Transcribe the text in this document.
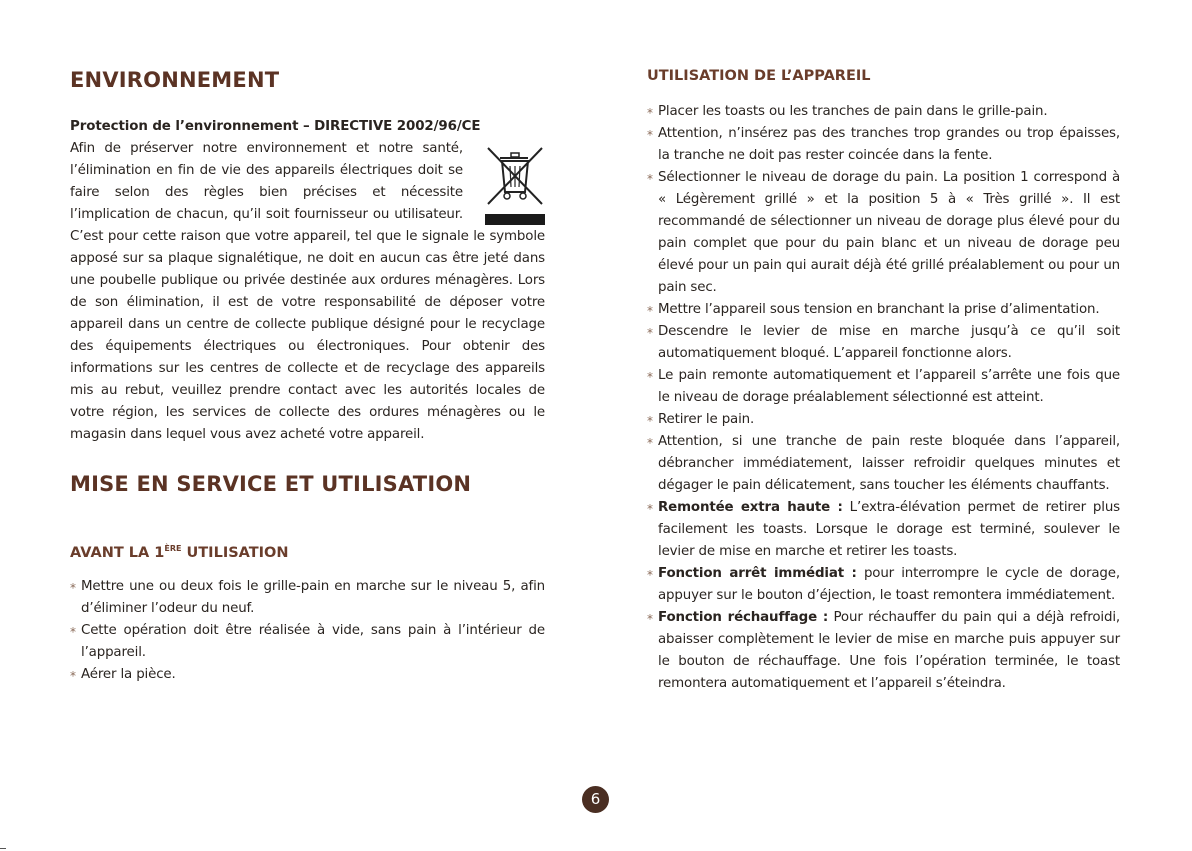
ENVIRONNEMENT
Protection de l’environnement – DIRECTIVE 2002/96/CE

Afin de préserver notre environnement et notre santé, l’élimination en fin de vie des appareils électriques doit se faire selon des règles bien précises et nécessite l’implication de chacun, qu’il soit fournisseur ou utilisateur. C’est pour cette raison que votre appareil, tel que le signale le symbole apposé sur sa plaque signalétique, ne doit en aucun cas être jeté dans une poubelle publique ou privée destinée aux ordures ménagères. Lors de son élimination, il est de votre responsabilité de déposer votre appareil dans un centre de collecte publique désigné pour le recyclage des équipements électriques ou électroniques. Pour obtenir des informations sur les centres de collecte et de recyclage des appareils mis au rebut, veuillez prendre contact avec les autorités locales de votre région, les services de collecte des ordures ménagères ou le magasin dans lequel vous avez acheté votre appareil.

MISE EN SERVICE ET UTILISATION
AVANT LA 1ÈRE UTILISATION
* Mettre une ou deux fois le grille-pain en marche sur le niveau 5, afin d’éliminer l’odeur du neuf.
* Cette opération doit être réalisée à vide, sans pain à l’intérieur de l’appareil.
* Aérer la pièce.
UTILISATION DE L’APPAREIL
* Placer les toasts ou les tranches de pain dans le grille-pain.
* Attention, n’insérez pas des tranches trop grandes ou trop épaisses, la tranche ne doit pas rester coincée dans la fente.
* Sélectionner le niveau de dorage du pain. La position 1 correspond à « Légèrement grillé » et la position 5 à « Très grillé ». Il est recommandé de sélectionner un niveau de dorage plus élevé pour du pain complet que pour du pain blanc et un niveau de dorage peu élevé pour un pain qui aurait déjà été grillé préalablement ou pour un pain sec.
* Mettre l’appareil sous tension en branchant la prise d’alimentation.
* Descendre le levier de mise en marche jusqu’à ce qu’il soit automatiquement bloqué. L’appareil fonctionne alors.
* Le pain remonte automatiquement et l’appareil s’arrête une fois que le niveau de dorage préalablement sélectionné est atteint.
* Retirer le pain.
* Attention, si une tranche de pain reste bloquée dans l’appareil, débrancher immédiatement, laisser refroidir quelques minutes et dégager le pain délicatement, sans toucher les éléments chauffants.
* Remontée extra haute : L’extra-élévation permet de retirer plus facilement les toasts. Lorsque le dorage est terminé, soulever le levier de mise en marche et retirer les toasts.
* Fonction arrêt immédiat : pour interrompre le cycle de dorage, appuyer sur le bouton d’éjection, le toast remontera immédiatement.
* Fonction réchauffage : Pour réchauffer du pain qui a déjà refroidi, abaisser complètement le levier de mise en marche puis appuyer sur le bouton de réchauffage. Une fois l’opération terminée, le toast remontera automatiquement et l’appareil s’éteindra.
6
